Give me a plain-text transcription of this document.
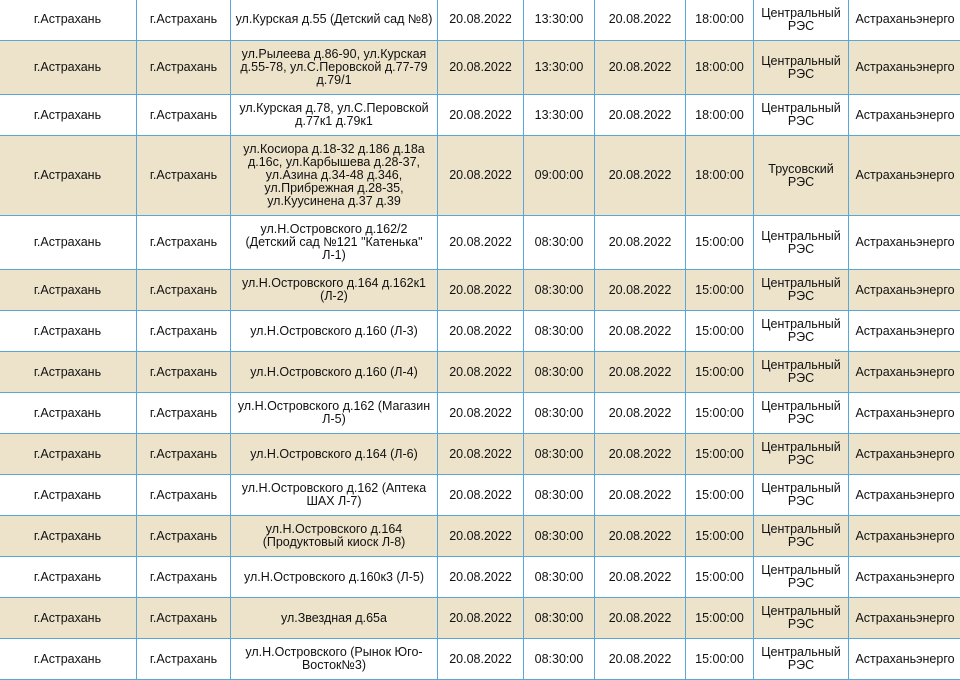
г.Астрахань	г.Астрахань	ул.Курская д.55 (Детский сад №8)	20.08.2022	13:30:00	20.08.2022	18:00:00	Центральный РЭС	Астраханьэнерго
г.Астрахань	г.Астрахань	ул.Рылеева д.86-90, ул.Курская д.55-78, ул.С.Перовской д.77-79 д.79/1	20.08.2022	13:30:00	20.08.2022	18:00:00	Центральный РЭС	Астраханьэнерго
г.Астрахань	г.Астрахань	ул.Курская д.78, ул.С.Перовской д.77к1 д.79к1	20.08.2022	13:30:00	20.08.2022	18:00:00	Центральный РЭС	Астраханьэнерго
г.Астрахань	г.Астрахань	ул.Косиора д.18-32 д.186 д.18а д.16с, ул.Карбышева д.28-37, ул.Азина д.34-48 д.346, ул.Прибрежная д.28-35, ул.Куусинена д.37 д.39	20.08.2022	09:00:00	20.08.2022	18:00:00	Трусовский РЭС	Астраханьэнерго
г.Астрахань	г.Астрахань	ул.Н.Островского д.162/2 (Детский сад №121 "Катенька" Л-1)	20.08.2022	08:30:00	20.08.2022	15:00:00	Центральный РЭС	Астраханьэнерго
г.Астрахань	г.Астрахань	ул.Н.Островского д.164 д.162к1 (Л-2)	20.08.2022	08:30:00	20.08.2022	15:00:00	Центральный РЭС	Астраханьэнерго
г.Астрахань	г.Астрахань	ул.Н.Островского д.160 (Л-3)	20.08.2022	08:30:00	20.08.2022	15:00:00	Центральный РЭС	Астраханьэнерго
г.Астрахань	г.Астрахань	ул.Н.Островского д.160 (Л-4)	20.08.2022	08:30:00	20.08.2022	15:00:00	Центральный РЭС	Астраханьэнерго
г.Астрахань	г.Астрахань	ул.Н.Островского д.162 (Магазин Л-5)	20.08.2022	08:30:00	20.08.2022	15:00:00	Центральный РЭС	Астраханьэнерго
г.Астрахань	г.Астрахань	ул.Н.Островского д.164 (Л-6)	20.08.2022	08:30:00	20.08.2022	15:00:00	Центральный РЭС	Астраханьэнерго
г.Астрахань	г.Астрахань	ул.Н.Островского д.162 (Аптека ШАХ Л-7)	20.08.2022	08:30:00	20.08.2022	15:00:00	Центральный РЭС	Астраханьэнерго
г.Астрахань	г.Астрахань	ул.Н.Островского д.164 (Продуктовый киоск Л-8)	20.08.2022	08:30:00	20.08.2022	15:00:00	Центральный РЭС	Астраханьэнерго
г.Астрахань	г.Астрахань	ул.Н.Островского д.160к3 (Л-5)	20.08.2022	08:30:00	20.08.2022	15:00:00	Центральный РЭС	Астраханьэнерго
г.Астрахань	г.Астрахань	ул.Звездная д.65а	20.08.2022	08:30:00	20.08.2022	15:00:00	Центральный РЭС	Астраханьэнерго
г.Астрахань	г.Астрахань	ул.Н.Островского (Рынок Юго-Восток№3)	20.08.2022	08:30:00	20.08.2022	15:00:00	Центральный РЭС	Астраханьэнерго
